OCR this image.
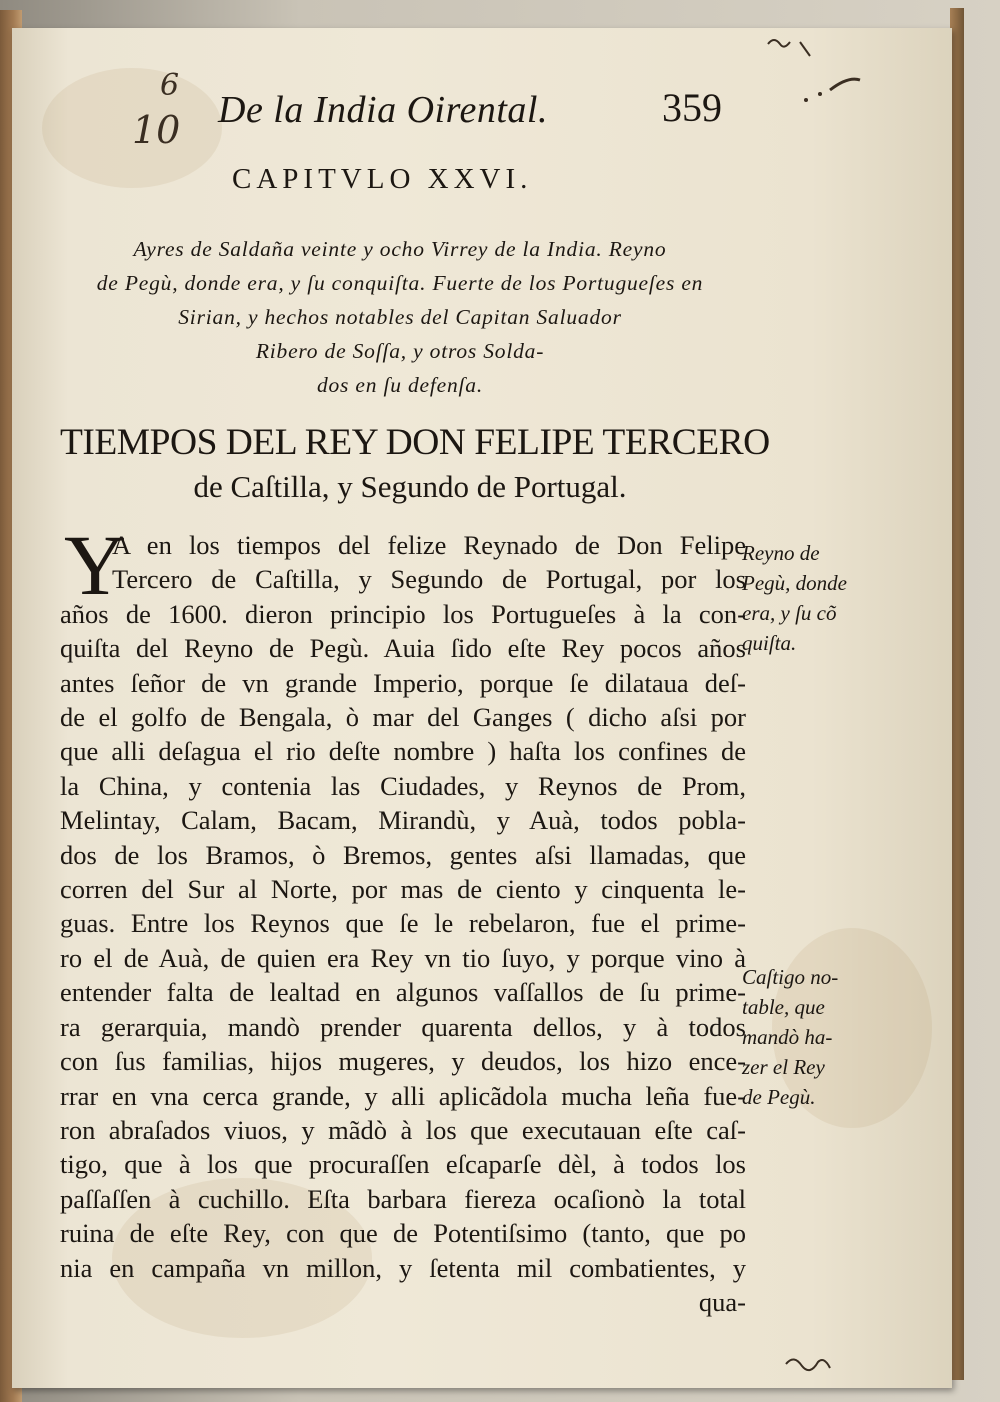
6
10 De la India Oirental.	359
CAPITVLO XXVI.
Ayres de Saldaña veinte y ocho Virrey de la India. Reyno
de Pegù, donde era, y ſu conquiſta. Fuerte de los Portugueſes en
Sirian, y hechos notables del Capitan Saluador
Ribero de Soſſa, y otros Solda-
dos en ſu defenſa.
TIEMPOS DEL REY DON FELIPE TERCERO
de Caſtilla, y Segundo de Portugal.
Y
A en los tiempos del felize Reynado de Don Felipe
Tercero de Caſtilla, y Segundo de Portugal, por los
años de 1600. dieron principio los Portugueſes à la con-
quiſta del Reyno de Pegù. Auia ſido eſte Rey pocos años
antes ſeñor de vn grande Imperio, porque ſe dilataua deſ-
de el golfo de Bengala, ò mar del Ganges ( dicho aſsi por
que alli deſagua el rio deſte nombre ) haſta los confines de
la China, y contenia las Ciudades, y Reynos de Prom,
Melintay, Calam, Bacam, Mirandù, y Auà, todos pobla-
dos de los Bramos, ò Bremos, gentes aſsi llamadas, que
corren del Sur al Norte, por mas de ciento y cinquenta le-
guas. Entre los Reynos que ſe le rebelaron, fue el prime-
ro el de Auà, de quien era Rey vn tio ſuyo, y porque vino à
entender falta de lealtad en algunos vaſſallos de ſu prime-
ra gerarquia, mandò prender quarenta dellos, y à todos
con ſus familias, hijos mugeres, y deudos, los hizo ence-
rrar en vna cerca grande, y alli aplicãdola mucha leña fue-
ron abraſados viuos, y mãdò à los que executauan eſte caſ-
tigo, que à los que procuraſſen eſcaparſe dèl, à todos los
paſſaſſen à cuchillo. Eſta barbara fiereza ocaſionò la total
ruina de eſte Rey, con que de Potentiſsimo (tanto, que po
nia en campaña vn millon, y ſetenta mil combatientes, y
qua-
Reyno de
Pegù, donde
era, y ſu cõ
quiſta.
Caſtigo no-
table, que
mandò ha-
zer el Rey
de Pegù.
